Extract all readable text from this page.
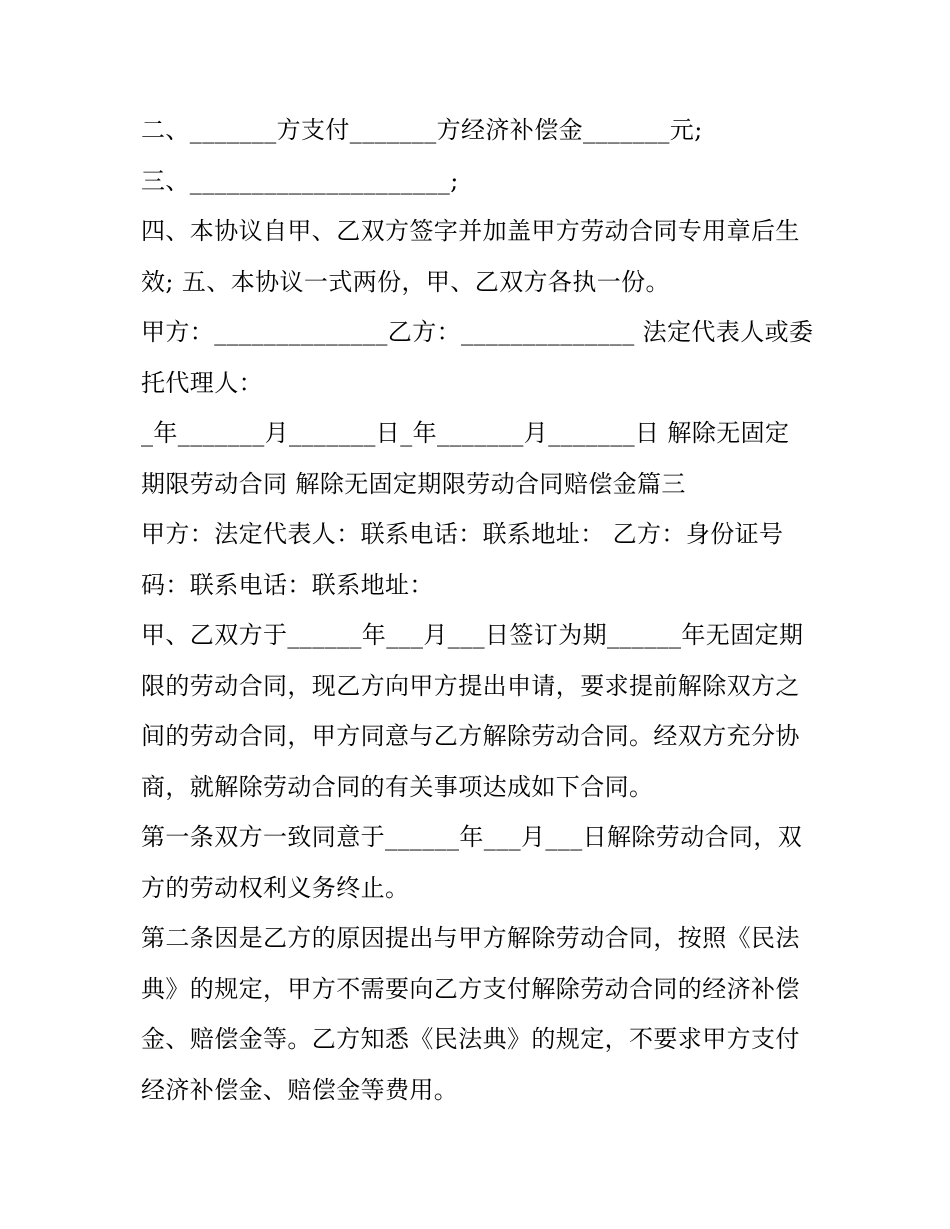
二、_______方支付_______方经济补偿金_______元;
三、_____________________;
四、本协议自甲、乙双方签字并加盖甲方劳动合同专用章后生
效; 五、本协议一式两份，甲、乙双方各执一份。
甲方：______________乙方：______________ 法定代表人或委
托代理人：
_年_______月_______日_年_______月_______日 解除无固定
期限劳动合同 解除无固定期限劳动合同赔偿金篇三
甲方：法定代表人：联系电话：联系地址： 乙方：身份证号
码：联系电话：联系地址：
甲、乙双方于______年___月___日签订为期______年无固定期
限的劳动合同，现乙方向甲方提出申请，要求提前解除双方之
间的劳动合同，甲方同意与乙方解除劳动合同。经双方充分协
商，就解除劳动合同的有关事项达成如下合同。
第一条双方一致同意于______年___月___日解除劳动合同，双
方的劳动权利义务终止。
第二条因是乙方的原因提出与甲方解除劳动合同，按照《民法
典》的规定，甲方不需要向乙方支付解除劳动合同的经济补偿
金、赔偿金等。乙方知悉《民法典》的规定，不要求甲方支付
经济补偿金、赔偿金等费用。
